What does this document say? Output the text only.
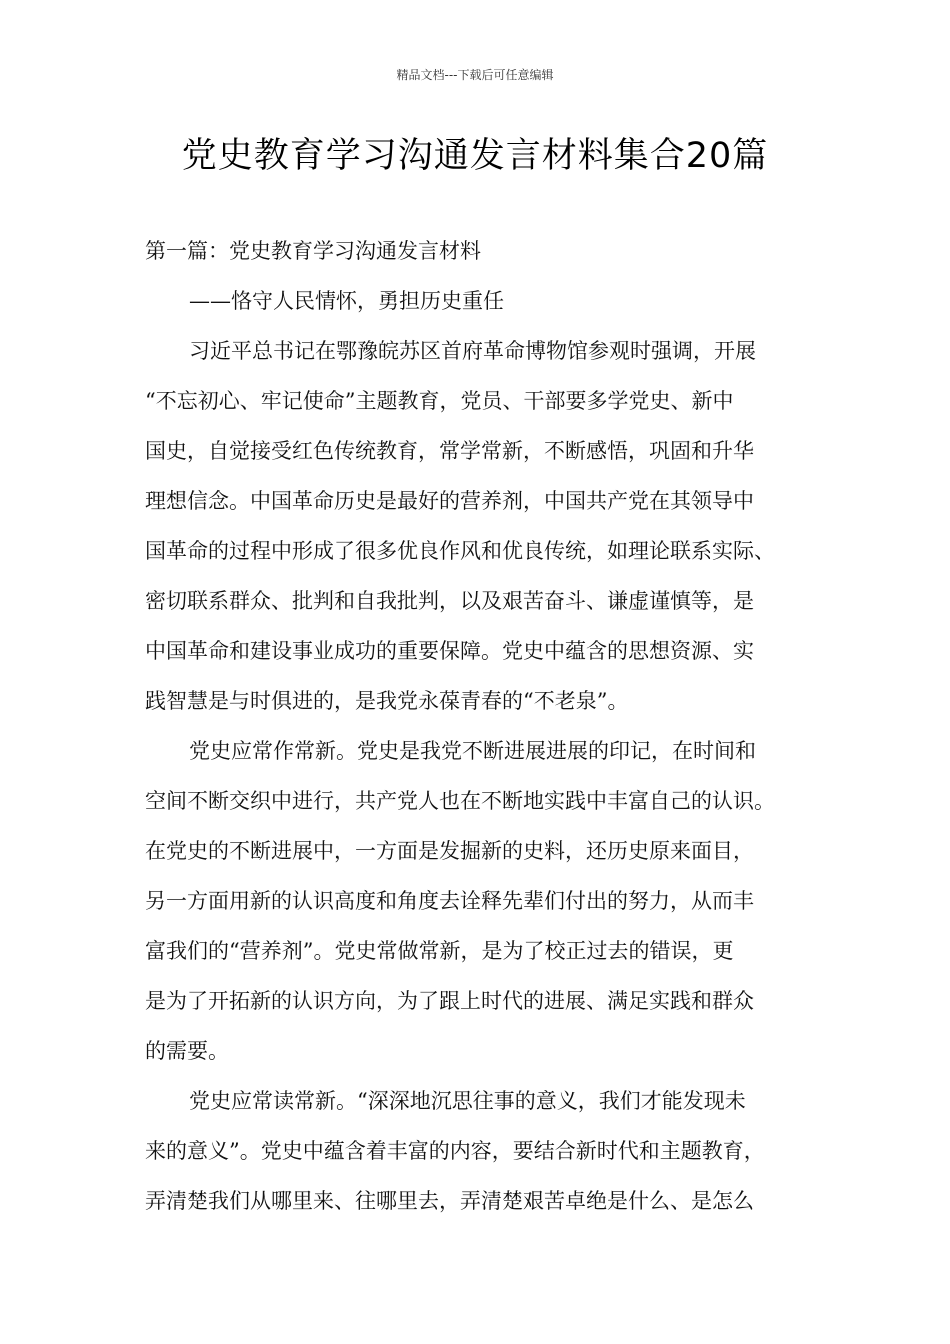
精品文档---下载后可任意编辑
党史教育学习沟通发言材料集合20篇

第一篇：党史教育学习沟通发言材料

——恪守人民情怀，勇担历史重任

习近平总书记在鄂豫皖苏区首府革命博物馆参观时强调，开展
“不忘初心、牢记使命”主题教育，党员、干部要多学党史、新中
国史，自觉接受红色传统教育，常学常新，不断感悟，巩固和升华
理想信念。中国革命历史是最好的营养剂，中国共产党在其领导中
国革命的过程中形成了很多优良作风和优良传统，如理论联系实际、
密切联系群众、批判和自我批判，以及艰苦奋斗、谦虚谨慎等，是
中国革命和建设事业成功的重要保障。党史中蕴含的思想资源、实
践智慧是与时俱进的，是我党永葆青春的“不老泉”。
党史应常作常新。党史是我党不断进展进展的印记，在时间和
空间不断交织中进行，共产党人也在不断地实践中丰富自己的认识。
在党史的不断进展中，一方面是发掘新的史料，还历史原来面目，
另一方面用新的认识高度和角度去诠释先辈们付出的努力，从而丰
富我们的“营养剂”。党史常做常新，是为了校正过去的错误，更
是为了开拓新的认识方向，为了跟上时代的进展、满足实践和群众
的需要。
党史应常读常新。“深深地沉思往事的意义，我们才能发现未
来的意义”。党史中蕴含着丰富的内容，要结合新时代和主题教育，
弄清楚我们从哪里来、往哪里去，弄清楚艰苦卓绝是什么、是怎么
